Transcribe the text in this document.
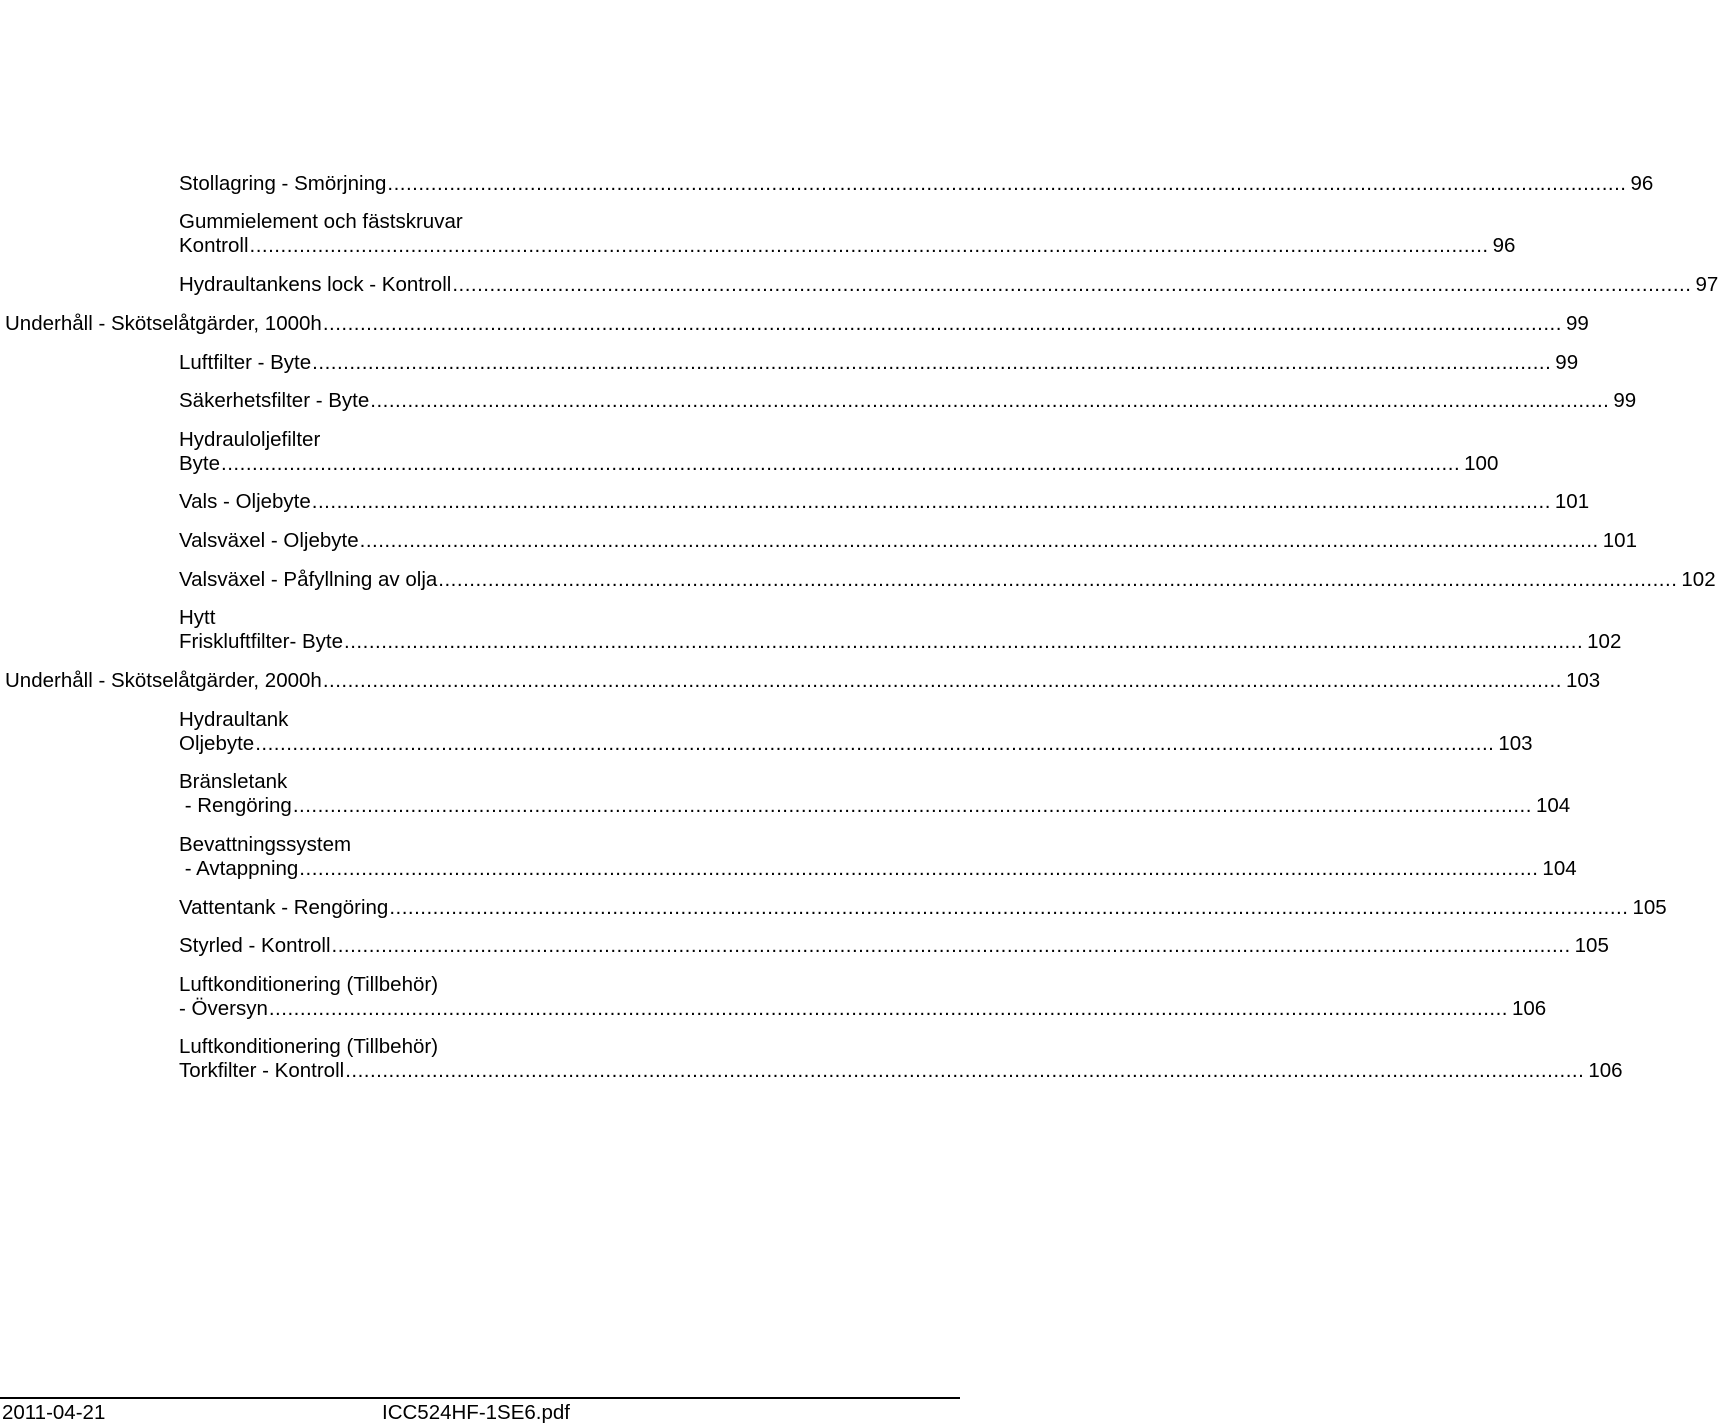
Stollagring - Smörjning ........................................................................................................................................................................................................ 96
Gummielement och fästskruvar
Kontroll ........................................................................................................................................................................................................ 96
Hydraultankens lock - Kontroll ........................................................................................................................................................................................................ 97
Underhåll - Skötselåtgärder, 1000h ........................................................................................................................................................................................................ 99
Luftfilter - Byte ........................................................................................................................................................................................................ 99
Säkerhetsfilter - Byte ........................................................................................................................................................................................................ 99
Hydrauloljefilter
Byte ........................................................................................................................................................................................................ 100
Vals - Oljebyte ........................................................................................................................................................................................................ 101
Valsväxel - Oljebyte ........................................................................................................................................................................................................ 101
Valsväxel - Påfyllning av olja ........................................................................................................................................................................................................ 102
Hytt
Friskluftfilter- Byte ........................................................................................................................................................................................................ 102
Underhåll - Skötselåtgärder, 2000h ........................................................................................................................................................................................................ 103
Hydraultank
Oljebyte ........................................................................................................................................................................................................ 103
Bränsletank
- Rengöring ........................................................................................................................................................................................................ 104
Bevattningssystem
- Avtappning ........................................................................................................................................................................................................ 104
Vattentank - Rengöring ........................................................................................................................................................................................................ 105
Styrled - Kontroll ........................................................................................................................................................................................................ 105
Luftkonditionering (Tillbehör)
- Översyn ........................................................................................................................................................................................................ 106
Luftkonditionering (Tillbehör)
Torkfilter - Kontroll ........................................................................................................................................................................................................ 106
2011-04-21	ICC524HF-1SE6.pdf
